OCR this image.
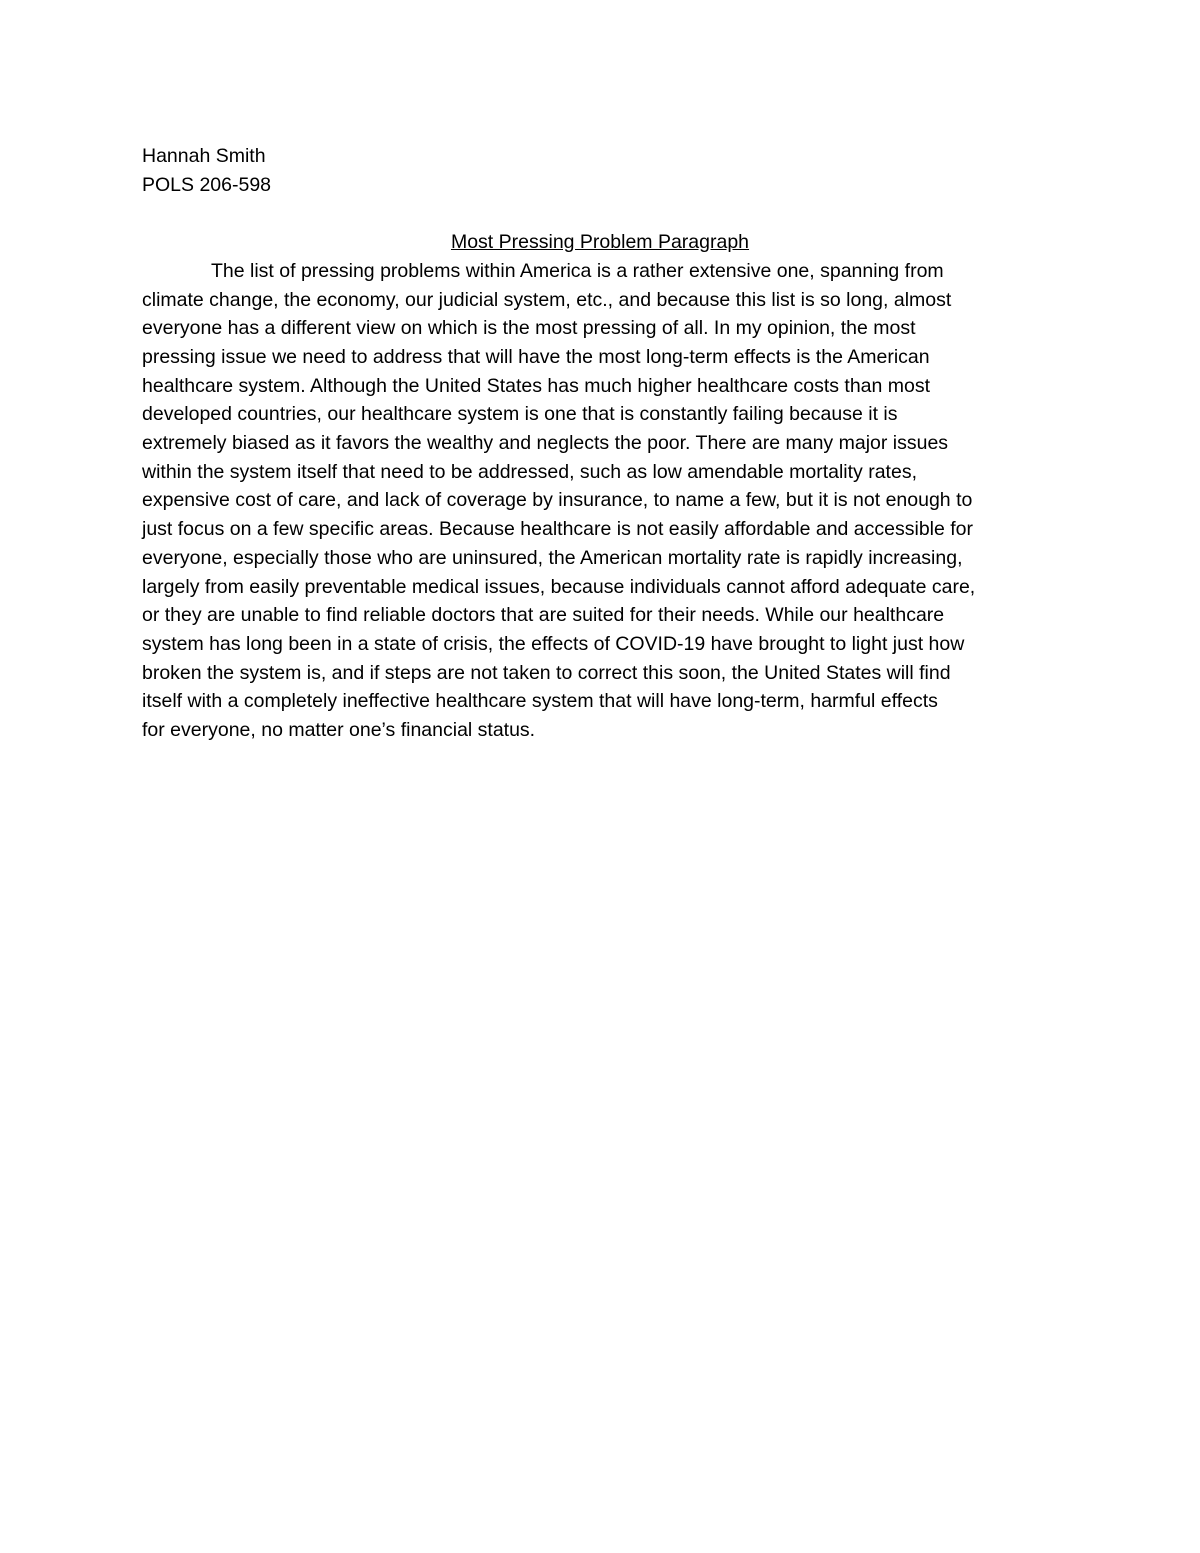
Hannah Smith
POLS 206-598
Most Pressing Problem Paragraph
The list of pressing problems within America is a rather extensive one, spanning from
climate change, the economy, our judicial system, etc., and because this list is so long, almost
everyone has a different view on which is the most pressing of all. In my opinion, the most
pressing issue we need to address that will have the most long-term effects is the American
healthcare system. Although the United States has much higher healthcare costs than most
developed countries, our healthcare system is one that is constantly failing because it is
extremely biased as it favors the wealthy and neglects the poor. There are many major issues
within the system itself that need to be addressed, such as low amendable mortality rates,
expensive cost of care, and lack of coverage by insurance, to name a few, but it is not enough to
just focus on a few specific areas. Because healthcare is not easily affordable and accessible for
everyone, especially those who are uninsured, the American mortality rate is rapidly increasing,
largely from easily preventable medical issues, because individuals cannot afford adequate care,
or they are unable to find reliable doctors that are suited for their needs. While our healthcare
system has long been in a state of crisis, the effects of COVID-19 have brought to light just how
broken the system is, and if steps are not taken to correct this soon, the United States will find
itself with a completely ineffective healthcare system that will have long-term, harmful effects
for everyone, no matter one’s financial status.
